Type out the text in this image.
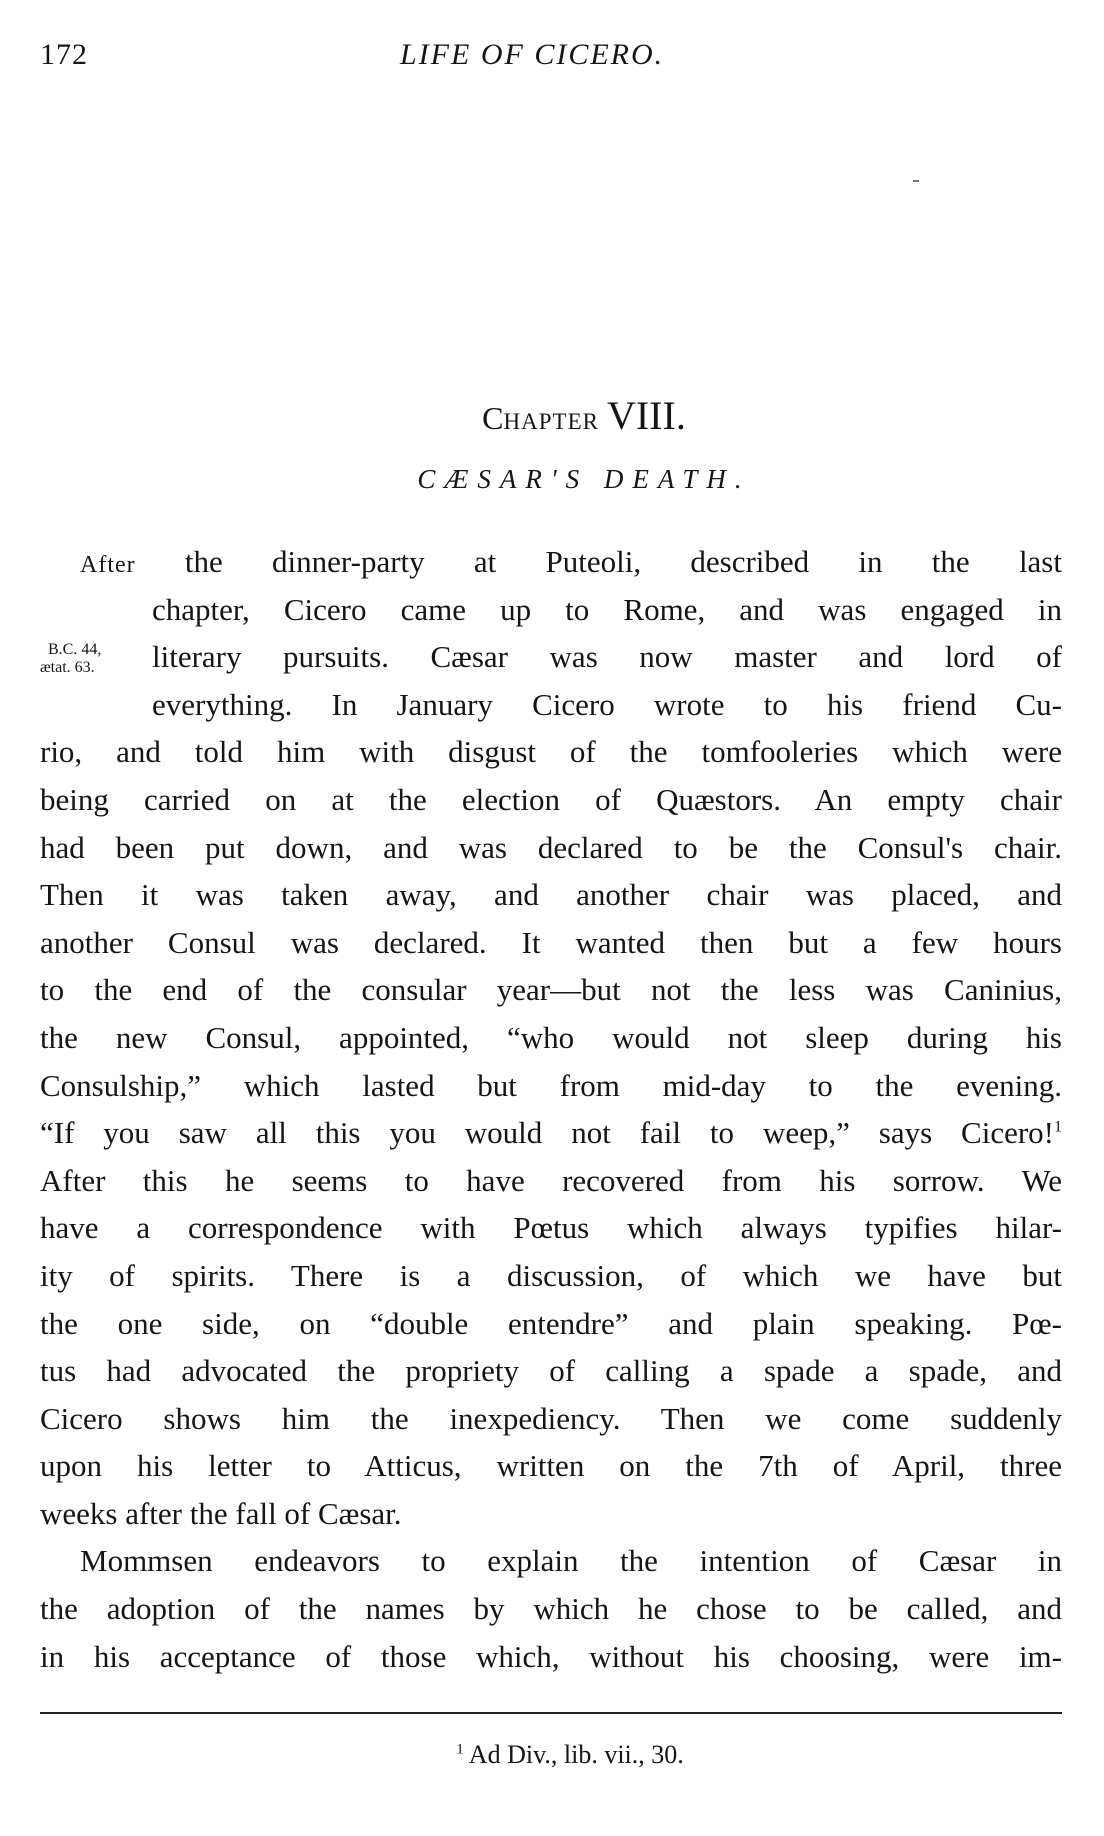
172	LIFE OF CICERO.
CHAPTER VIII.
CÆSAR'S DEATH.
After the dinner-party at Puteoli, described in the last
chapter, Cicero came up to Rome, and was engaged in
B.C. 44,
ætat. 63. literary pursuits. Cæsar was now master and lord of
everything. In January Cicero wrote to his friend Cu-
rio, and told him with disgust of the tomfooleries which were
being carried on at the election of Quæstors. An empty chair
had been put down, and was declared to be the Consul's chair.
Then it was taken away, and another chair was placed, and
another Consul was declared. It wanted then but a few hours
to the end of the consular year—but not the less was Caninius,
the new Consul, appointed, “who would not sleep during his
Consulship,” which lasted but from mid-day to the evening.
“If you saw all this you would not fail to weep,” says Cicero!$^1$
After this he seems to have recovered from his sorrow. We
have a correspondence with Pœtus which always typifies hilar-
ity of spirits. There is a discussion, of which we have but
the one side, on “double entendre” and plain speaking. Pœ-
tus had advocated the propriety of calling a spade a spade, and
Cicero shows him the inexpediency. Then we come suddenly
upon his letter to Atticus, written on the 7th of April, three
weeks after the fall of Cæsar.
Mommsen endeavors to explain the intention of Cæsar in
the adoption of the names by which he chose to be called, and
in his acceptance of those which, without his choosing, were im-
$^1$ Ad Div., lib. vii., 30.
